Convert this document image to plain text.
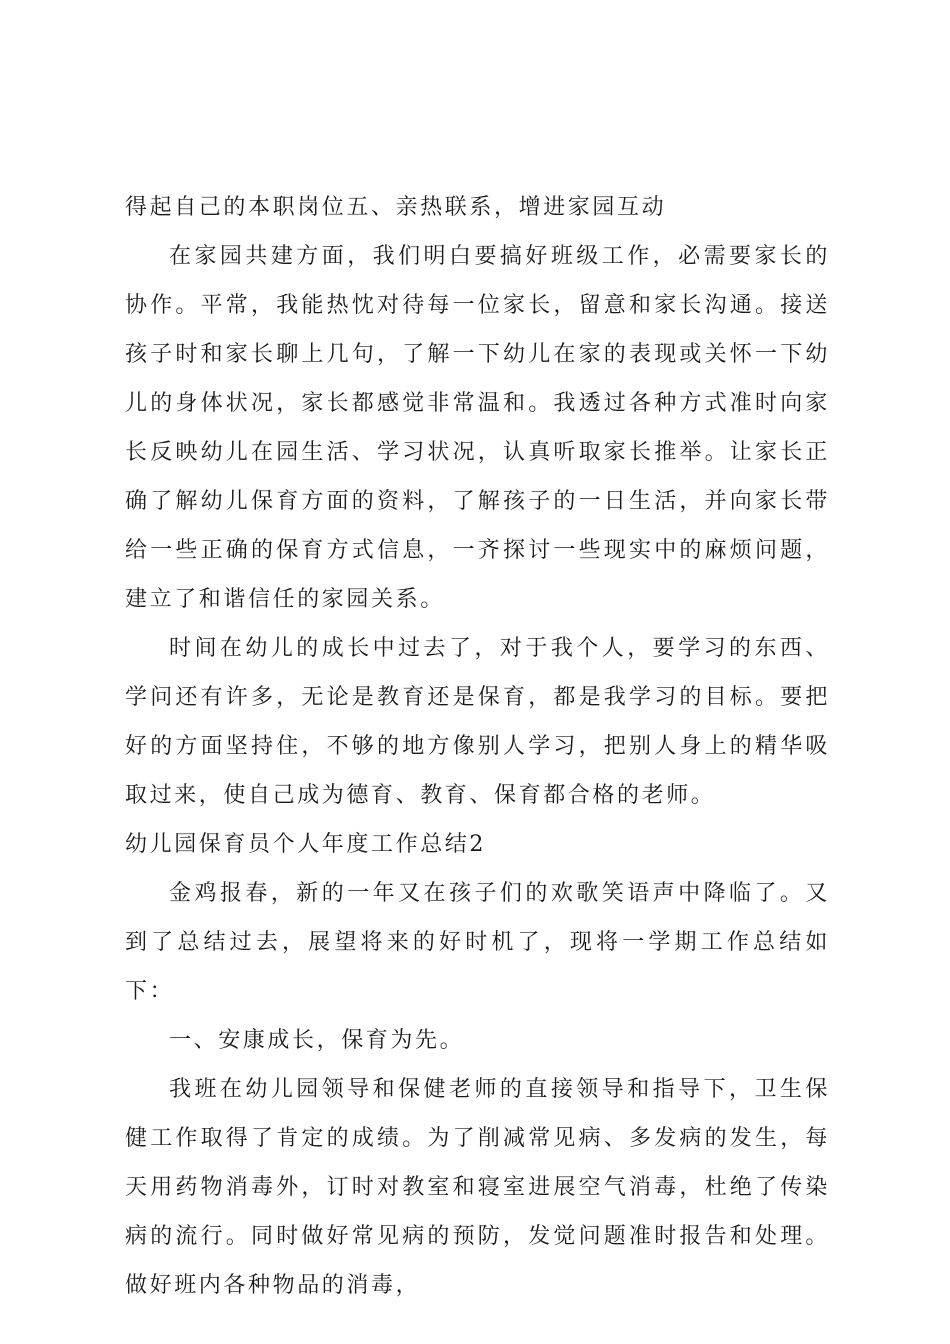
得起自己的本职岗位五、亲热联系，增进家园互动

在家园共建方面，我们明白要搞好班级工作，必需要家长的协作。平常，我能热忱对待每一位家长，留意和家长沟通。接送孩子时和家长聊上几句，了解一下幼儿在家的表现或关怀一下幼儿的身体状况，家长都感觉非常温和。我透过各种方式准时向家长反映幼儿在园生活、学习状况，认真听取家长推举。让家长正确了解幼儿保育方面的资料，了解孩子的一日生活，并向家长带给一些正确的保育方式信息，一齐探讨一些现实中的麻烦问题，建立了和谐信任的家园关系。

时间在幼儿的成长中过去了，对于我个人，要学习的东西、学问还有许多，无论是教育还是保育，都是我学习的目标。要把好的方面坚持住，不够的地方像别人学习，把别人身上的精华吸取过来，使自己成为德育、教育、保育都合格的老师。

幼儿园保育员个人年度工作总结2

金鸡报春，新的一年又在孩子们的欢歌笑语声中降临了。又到了总结过去，展望将来的好时机了，现将一学期工作总结如下：

一、安康成长，保育为先。

我班在幼儿园领导和保健老师的直接领导和指导下，卫生保健工作取得了肯定的成绩。为了削减常见病、多发病的发生，每天用药物消毒外，订时对教室和寝室进展空气消毒，杜绝了传染病的流行。同时做好常见病的预防，发觉问题准时报告和处理。做好班内各种物品的消毒，
